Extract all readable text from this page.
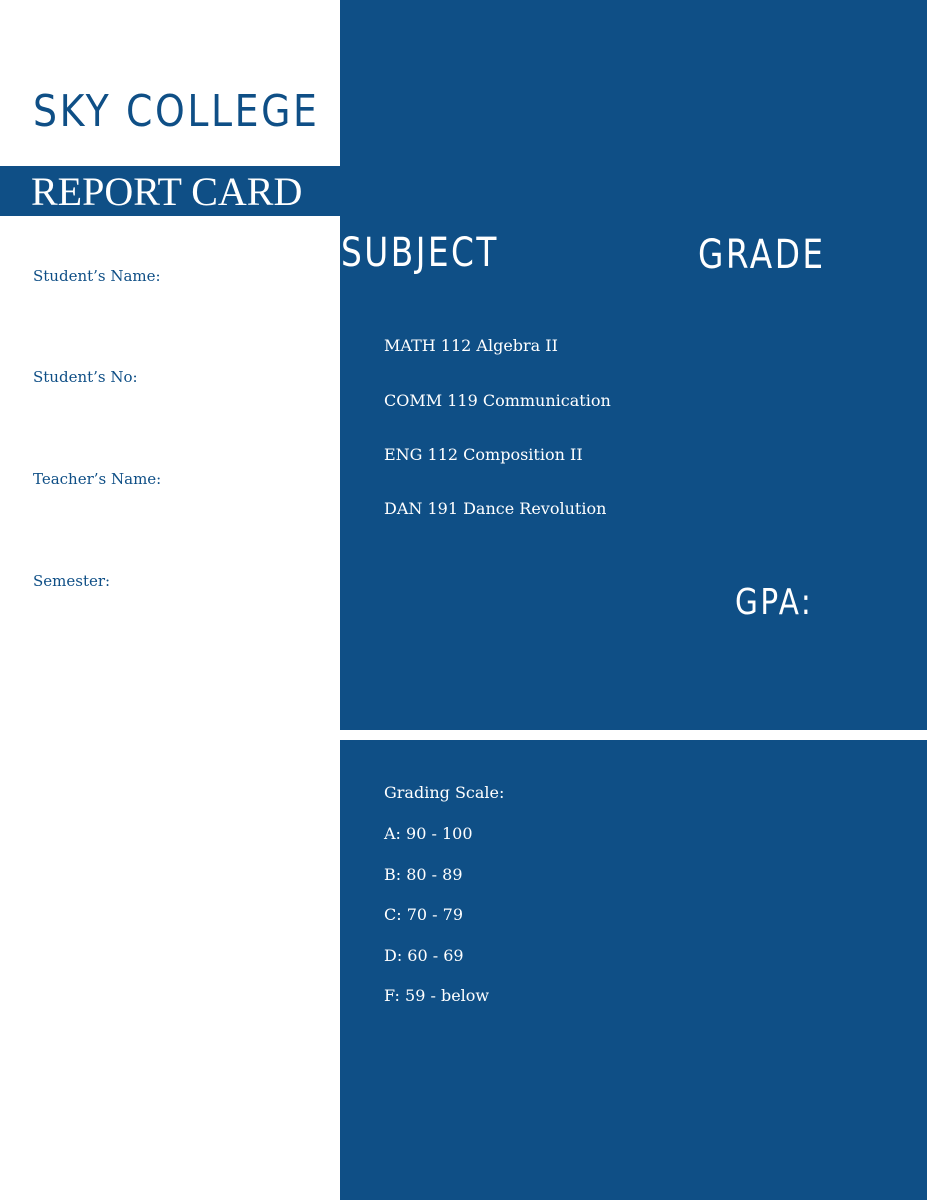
SKY COLLEGE
REPORT CARD
Student’s Name:
Student’s No:
Teacher’s Name:
Semester:
SUBJECT	GRADE
MATH 112 Algebra II
COMM 119 Communication
ENG 112 Composition II
DAN 191 Dance Revolution
GPA:
Grading Scale:
A: 90 - 100
B: 80 - 89
C: 70 - 79
D: 60 - 69
F: 59 - below
